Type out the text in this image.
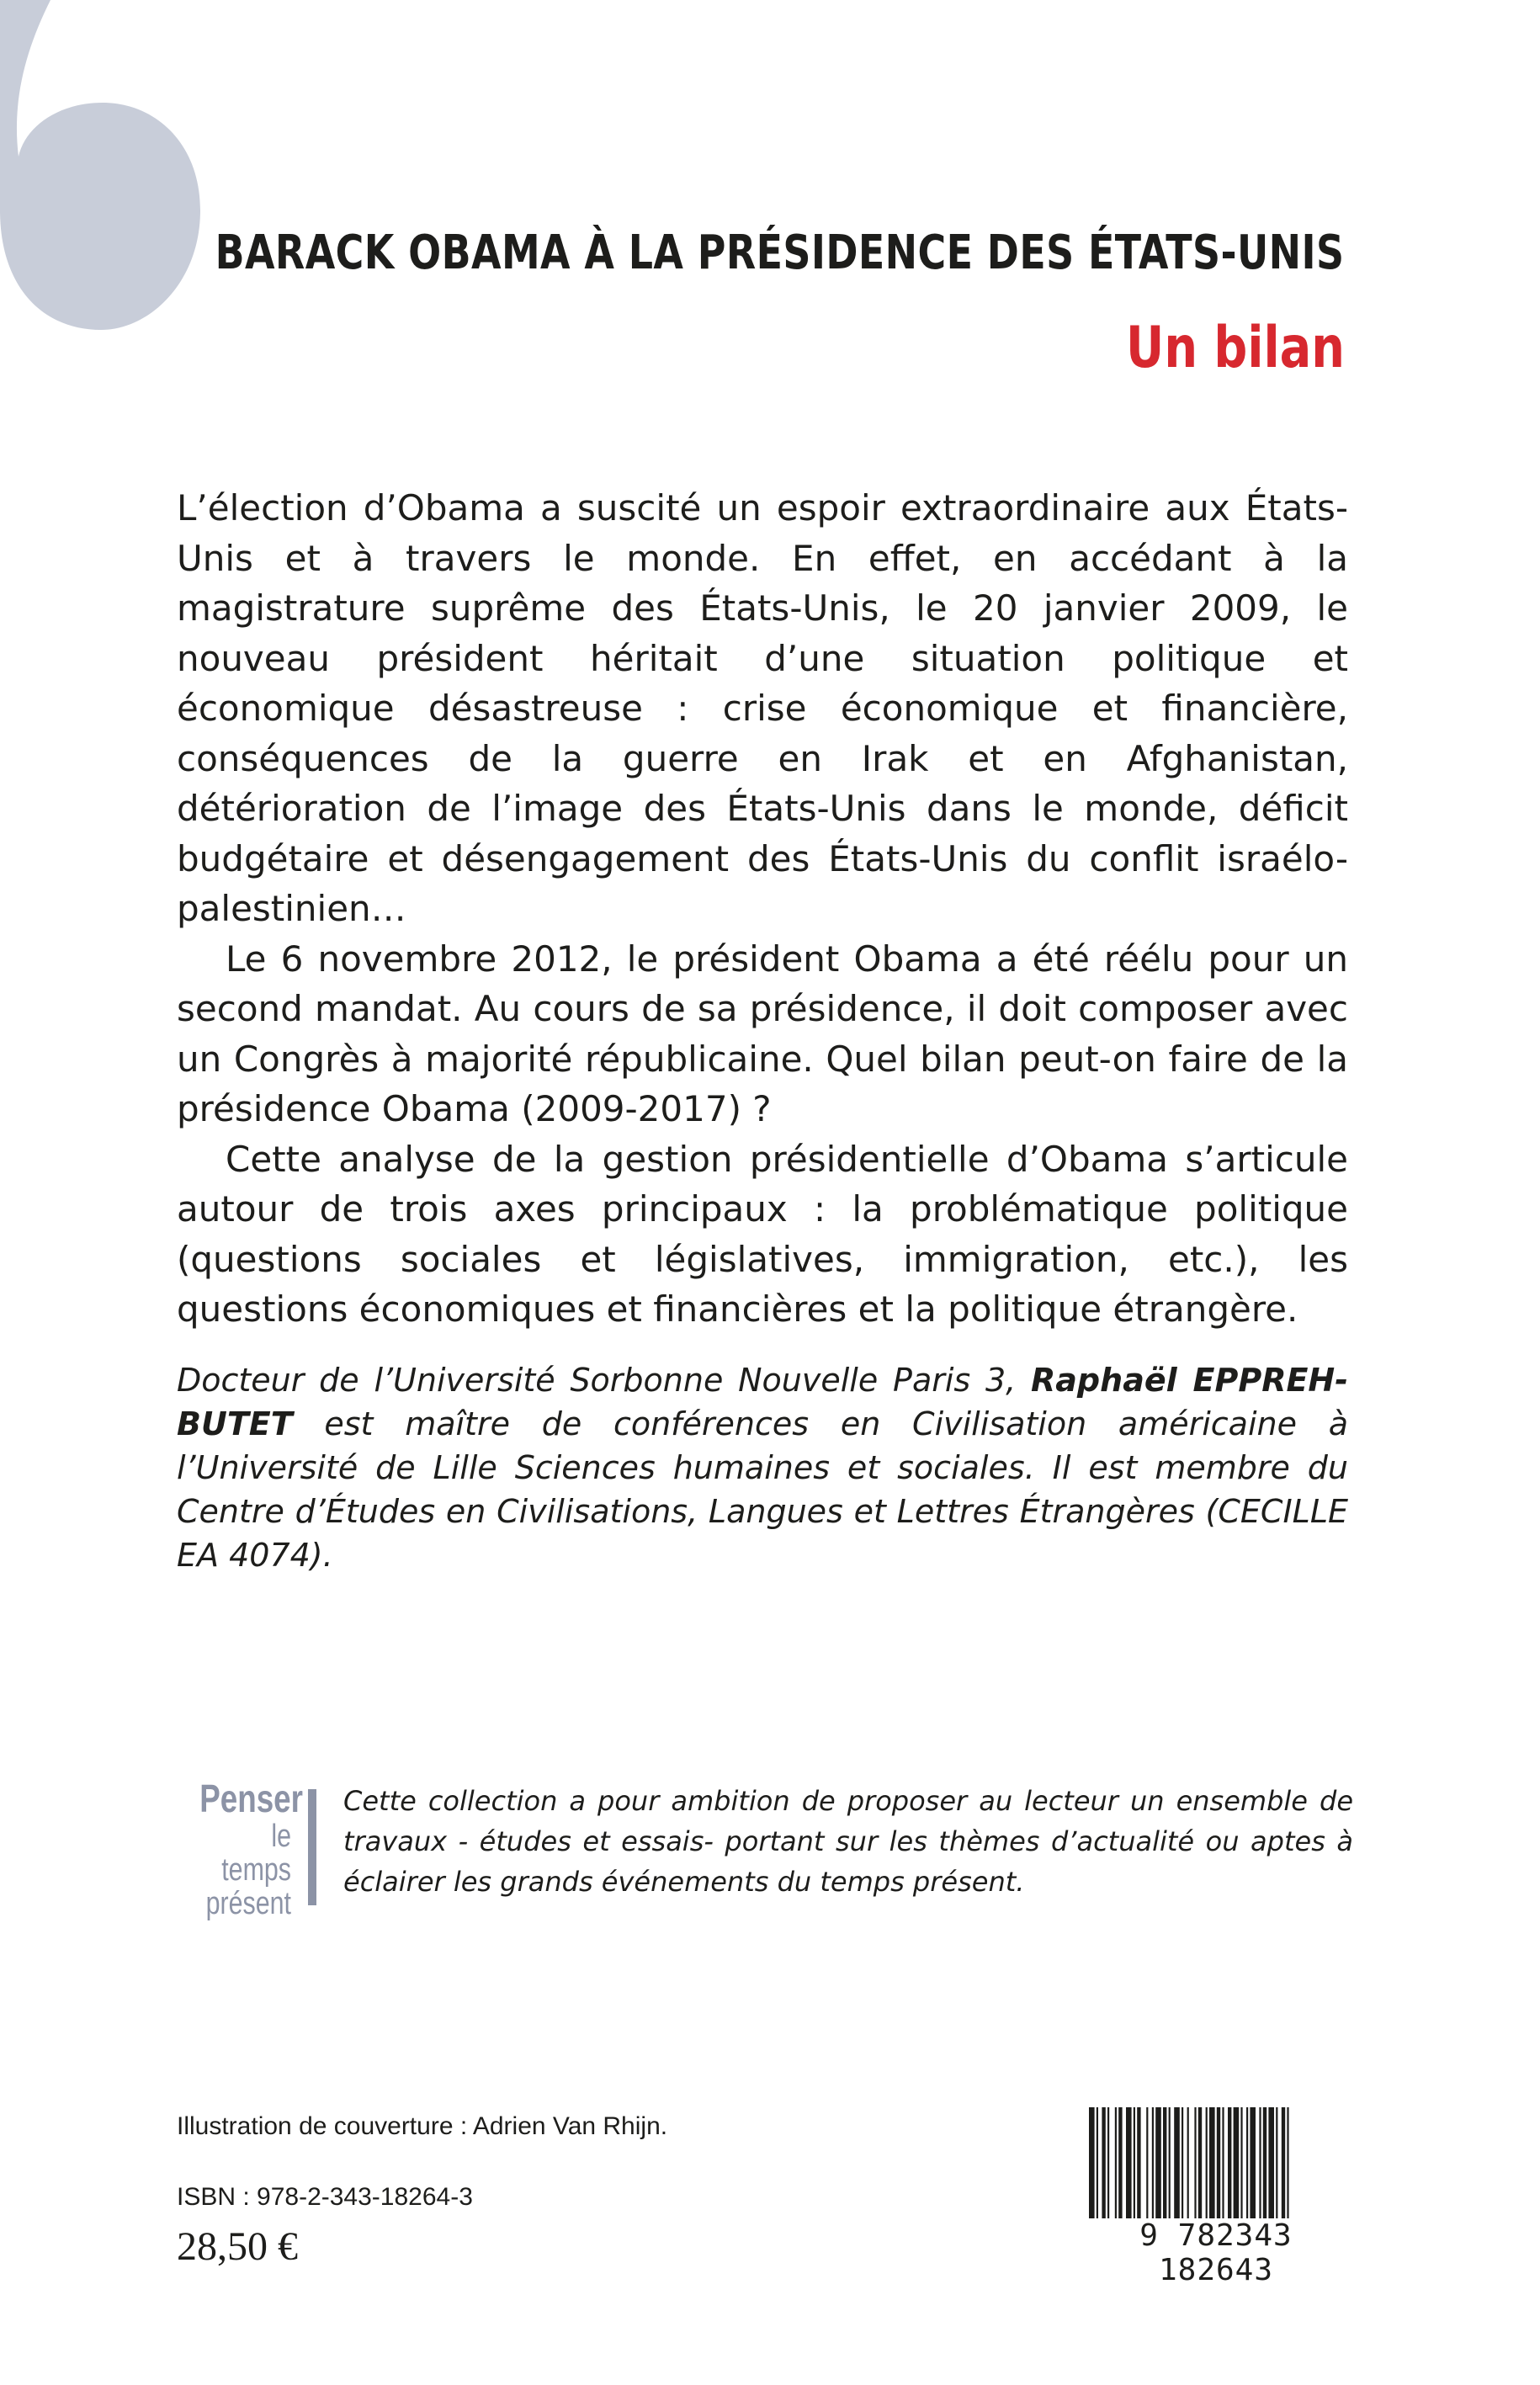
BARACK OBAMA À LA PRÉSIDENCE DES ÉTATS-UNIS
Un bilan

L’élection d’Obama a suscité un espoir extraordinaire aux États-Unis et à travers le monde. En effet, en accédant à la magistrature suprême des États-Unis, le 20 janvier 2009, le nouveau président héritait d’une situation politique et économique désastreuse : crise économique et financière, conséquences de la guerre en Irak et en Afghanistan, détérioration de l’image des États-Unis dans le monde, déficit budgétaire et désengagement des États-Unis du conflit israélo-palestinien…

Le 6 novembre 2012, le président Obama a été réélu pour un second mandat. Au cours de sa présidence, il doit composer avec un Congrès à majorité républicaine. Quel bilan peut-on faire de la présidence Obama (2009-2017) ?

Cette analyse de la gestion présidentielle d’Obama s’articule autour de trois axes principaux : la problématique politique (questions sociales et législatives, immigration, etc.), les questions économiques et financières et la politique étrangère.

Docteur de l’Université Sorbonne Nouvelle Paris 3, Raphaël EPPREH-BUTET est maître de conférences en Civilisation américaine à l’Université de Lille Sciences humaines et sociales. Il est membre du Centre d’Études en Civilisations, Langues et Lettres Étrangères (CECILLE EA 4074).
Penser
le temps
présent
Cette collection a pour ambition de proposer au lecteur un ensemble de travaux - études et essais- portant sur les thèmes d’actualité ou aptes à éclairer les grands événements du temps présent.
Illustration de couverture : Adrien Van Rhijn.
ISBN : 978-2-343-18264-3
28,50 €	9 782343 182643
